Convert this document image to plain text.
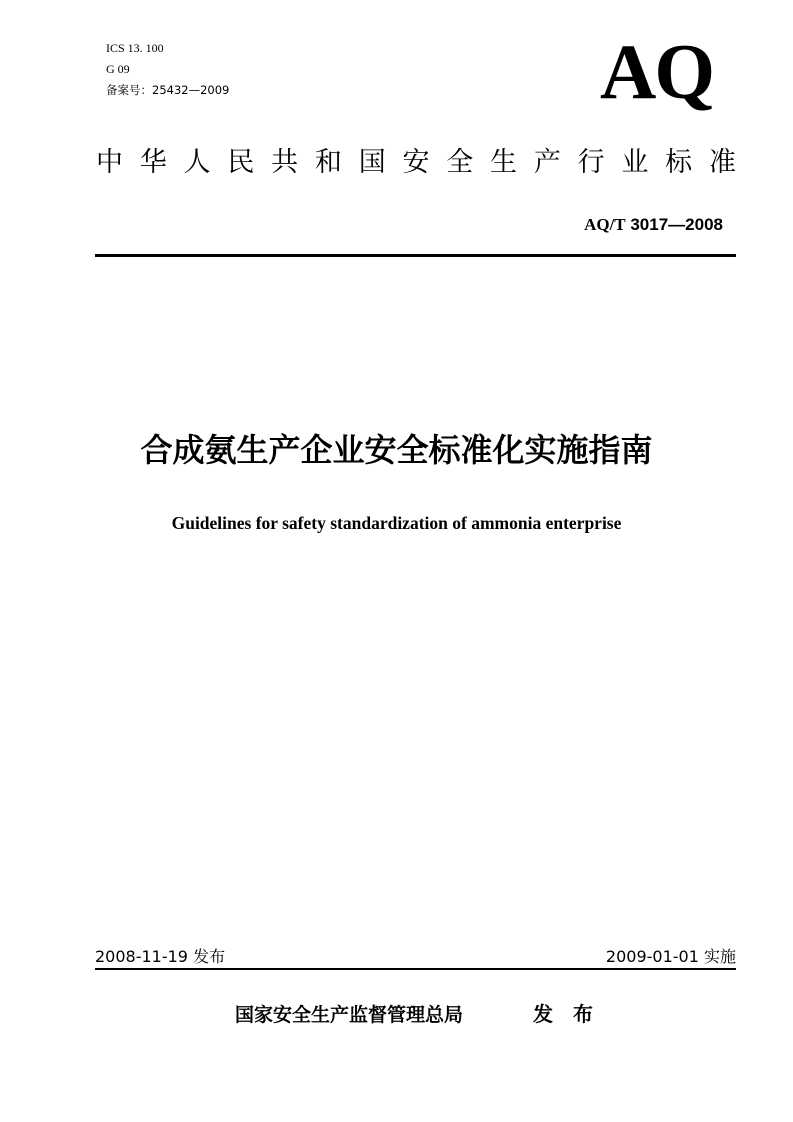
ICS 13. 100
G 09
备案号：25432—2009	AQ
中 华 人 民 共 和 国 安 全 生 产 行 业 标 准
AQ/T 3017—2008
合成氨生产企业安全标准化实施指南
Guidelines for safety standardization of ammonia enterprise
2008-11-19 发布	2009-01-01 实施
国家安全生产监督管理总局	发布
